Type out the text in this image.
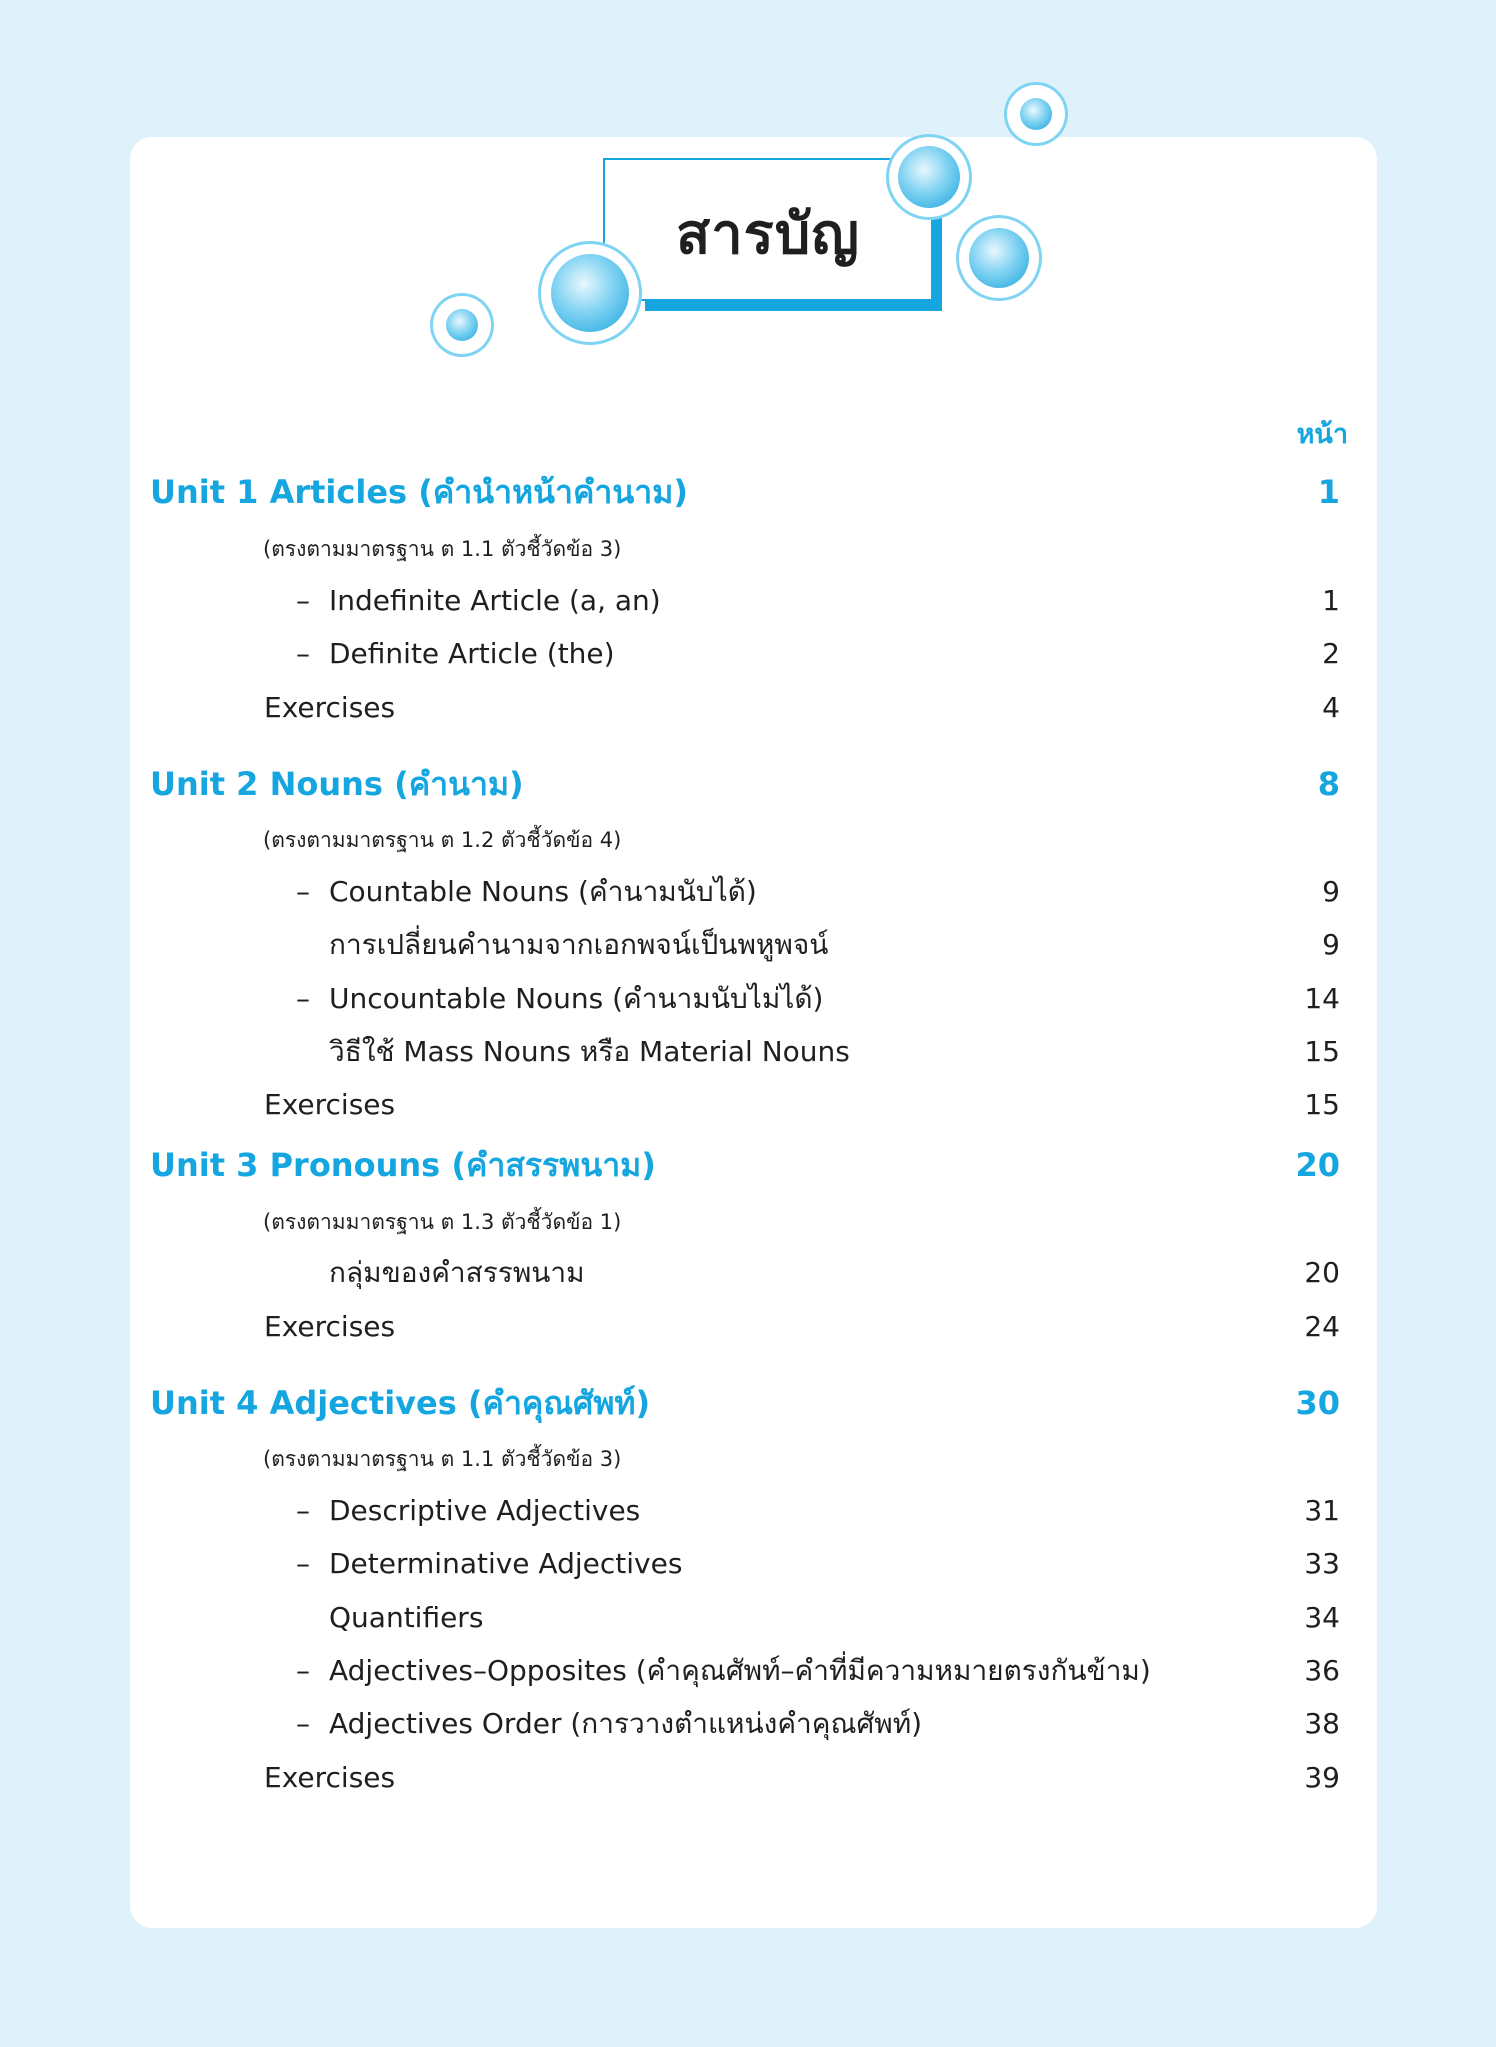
สารบัญ
หน้า
Unit 1 Articles (คำนำหน้าคำนาม)	1
(ตรงตามมาตรฐาน ต 1.1 ตัวชี้วัดข้อ 3)
– Indefinite Article (a, an)	1
– Definite Article (the)	2
Exercises	4
Unit 2 Nouns (คำนาม)	8
(ตรงตามมาตรฐาน ต 1.2 ตัวชี้วัดข้อ 4)
– Countable Nouns (คำนามนับได้)	9
การเปลี่ยนคำนามจากเอกพจน์เป็นพหูพจน์	9
– Uncountable Nouns (คำนามนับไม่ได้)	14
วิธีใช้ Mass Nouns หรือ Material Nouns	15
Exercises	15
Unit 3 Pronouns (คำสรรพนาม)	20
(ตรงตามมาตรฐาน ต 1.3 ตัวชี้วัดข้อ 1)
กลุ่มของคำสรรพนาม	20
Exercises	24
Unit 4 Adjectives (คำคุณศัพท์)	30
(ตรงตามมาตรฐาน ต 1.1 ตัวชี้วัดข้อ 3)
– Descriptive Adjectives	31
– Determinative Adjectives	33
Quantifiers	34
– Adjectives–Opposites (คำคุณศัพท์–คำที่มีความหมายตรงกันข้าม)	36
– Adjectives Order (การวางตำแหน่งคำคุณศัพท์)	38
Exercises	39
